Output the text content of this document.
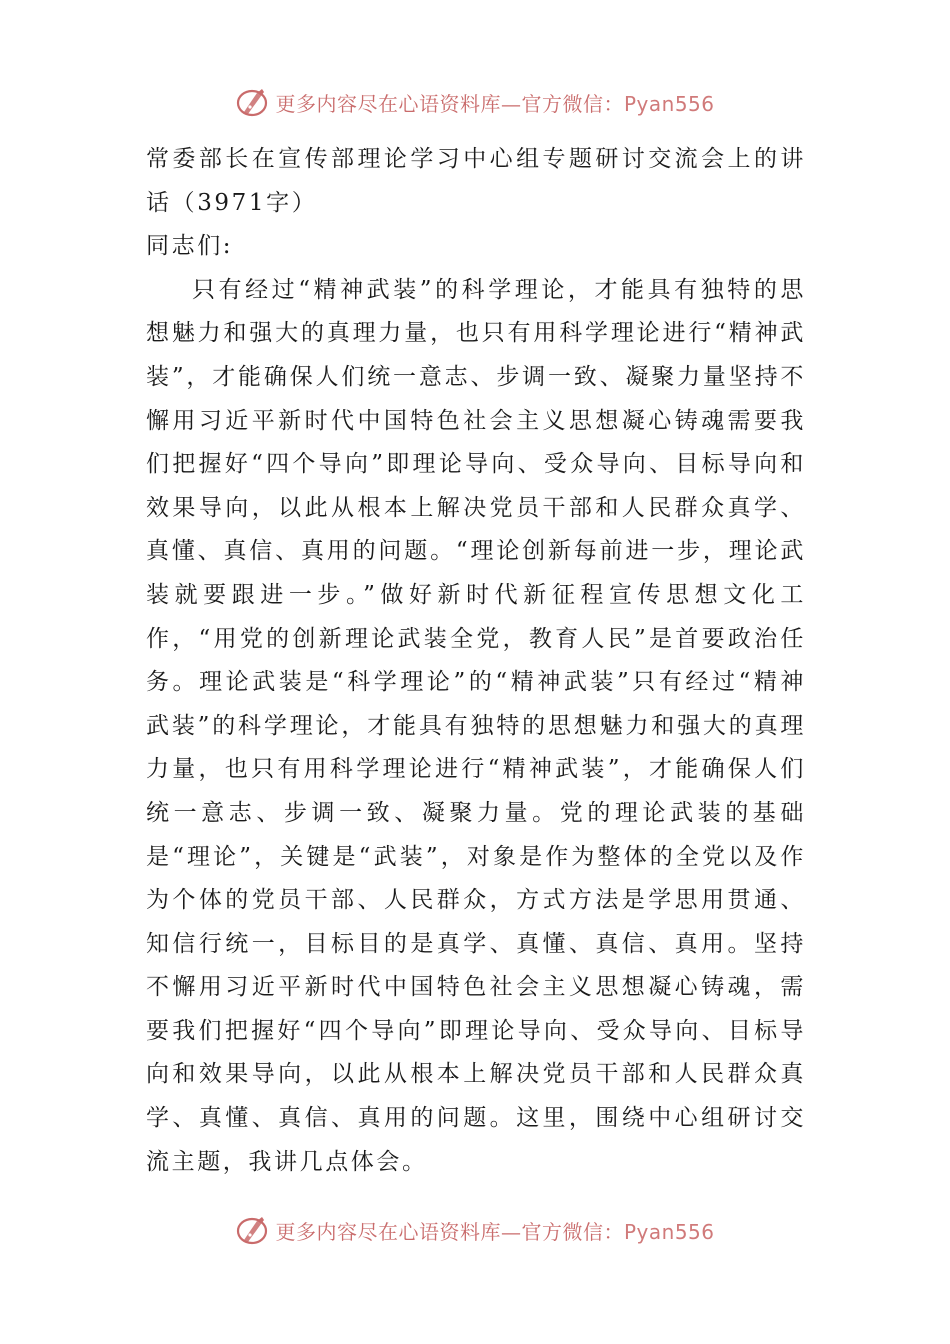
更多内容尽在心语资料库—官方微信：Pyan556

常委部长在宣传部理论学习中心组专题研讨交流会上的讲话（3971字）

同志们:

只有经过“精神武装”的科学理论，才能具有独特的思想魅力和强大的真理力量，也只有用科学理论进行“精神武装”，才能确保人们统一意志、步调一致、凝聚力量坚持不懈用习近平新时代中国特色社会主义思想凝心铸魂需要我们把握好“四个导向”即理论导向、受众导向、目标导向和效果导向，以此从根本上解决党员干部和人民群众真学、真懂、真信、真用的问题。“理论创新每前进一步，理论武装就要跟进一步。”做好新时代新征程宣传思想文化工作，“用党的创新理论武装全党，教育人民”是首要政治任务。理论武装是“科学理论”的“精神武装”只有经过“精神武装”的科学理论，才能具有独特的思想魅力和强大的真理力量，也只有用科学理论进行“精神武装”，才能确保人们统一意志、步调一致、凝聚力量。党的理论武装的基础是“理论”，关键是“武装”，对象是作为整体的全党以及作为个体的党员干部、人民群众，方式方法是学思用贯通、知信行统一，目标目的是真学、真懂、真信、真用。坚持不懈用习近平新时代中国特色社会主义思想凝心铸魂，需要我们把握好“四个导向”即理论导向、受众导向、目标导向和效果导向，以此从根本上解决党员干部和人民群众真学、真懂、真信、真用的问题。这里，围绕中心组研讨交流主题，我讲几点体会。

更多内容尽在心语资料库—官方微信：Pyan556
